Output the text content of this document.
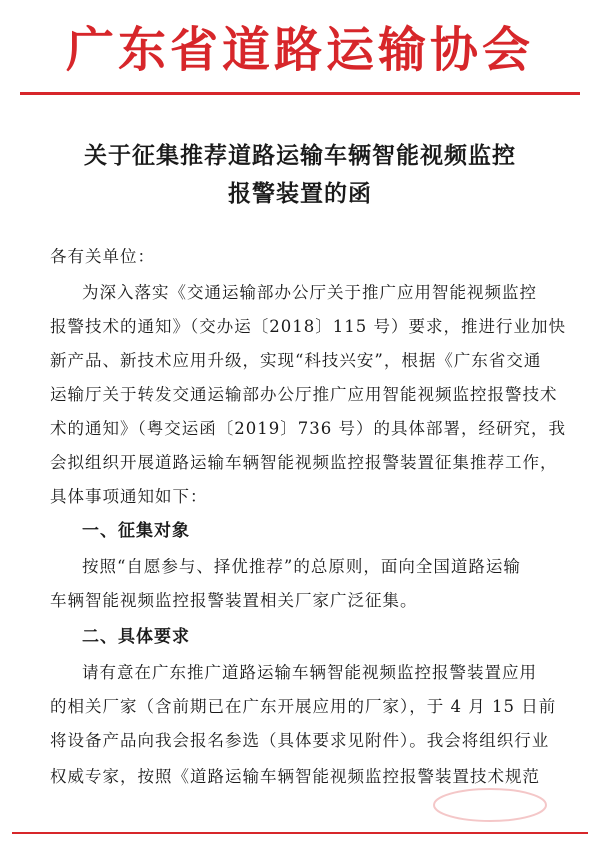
广东省道路运输协会
关于征集推荐道路运输车辆智能视频监控
报警装置的函
各有关单位：
为深入落实《交通运输部办公厅关于推广应用智能视频监控
报警技术的通知》（交办运〔2018〕115 号）要求，推进行业加快
新产品、新技术应用升级，实现“科技兴安”，根据《广东省交通
运输厅关于转发交通运输部办公厅推广应用智能视频监控报警技术
术的通知》（粤交运函〔2019〕736 号）的具体部署，经研究，我
会拟组织开展道路运输车辆智能视频监控报警装置征集推荐工作，
具体事项通知如下：
一、征集对象
按照“自愿参与、择优推荐”的总原则，面向全国道路运输
车辆智能视频监控报警装置相关厂家广泛征集。
二、具体要求
请有意在广东推广道路运输车辆智能视频监控报警装置应用
的相关厂家（含前期已在广东开展应用的厂家），于 4 月 15 日前
将设备产品向我会报名参选（具体要求见附件）。我会将组织行业
权威专家，按照《道路运输车辆智能视频监控报警装置技术规范
